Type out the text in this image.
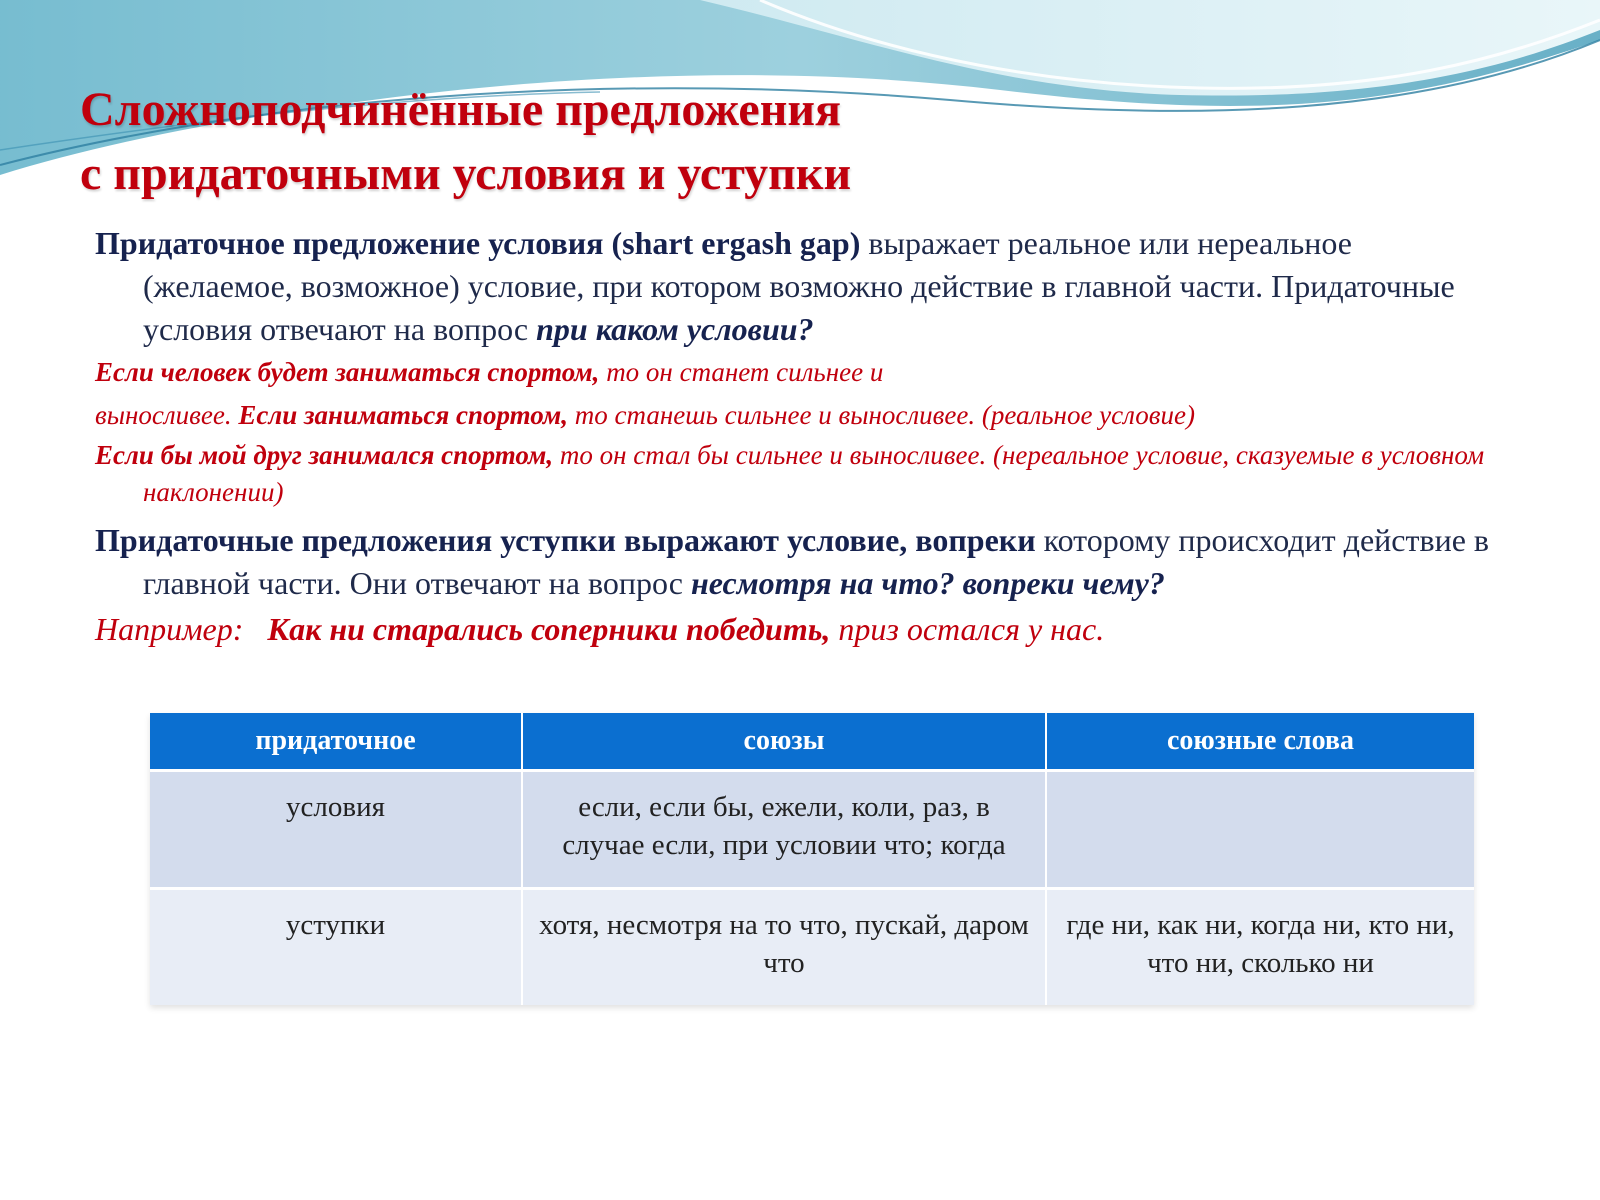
Сложноподчинённые предложения
с придаточными условия и уступки

Придаточное предложение условия (shart ergash gap) выражает реальное или нереальное (желаемое, возможное) условие, при котором возможно действие в главной части. Придаточные условия отвечают на вопрос при каком условии?

Если человек будет заниматься спортом, то он станет сильнее и

выносливее. Если заниматься спортом, то станешь сильнее и выносливее. (реальное условие)

Если бы мой друг занимался спортом, то он стал бы сильнее и выносливее. (нереальное условие, сказуемые в условном наклонении)

Придаточные предложения уступки выражают условие, вопреки которому происходит действие в главной части. Они отвечают на вопрос несмотря на что? вопреки чему?

Например:   Как ни старались соперники победить, приз остался у нас.

придаточное	союзы	союзные слова
условия	если, если бы, ежели, коли, раз, в случае если, при условии что; когда	
уступки	хотя, несмотря на то что, пускай, даром что	где ни, как ни, когда ни, кто ни, что ни, сколько ни
